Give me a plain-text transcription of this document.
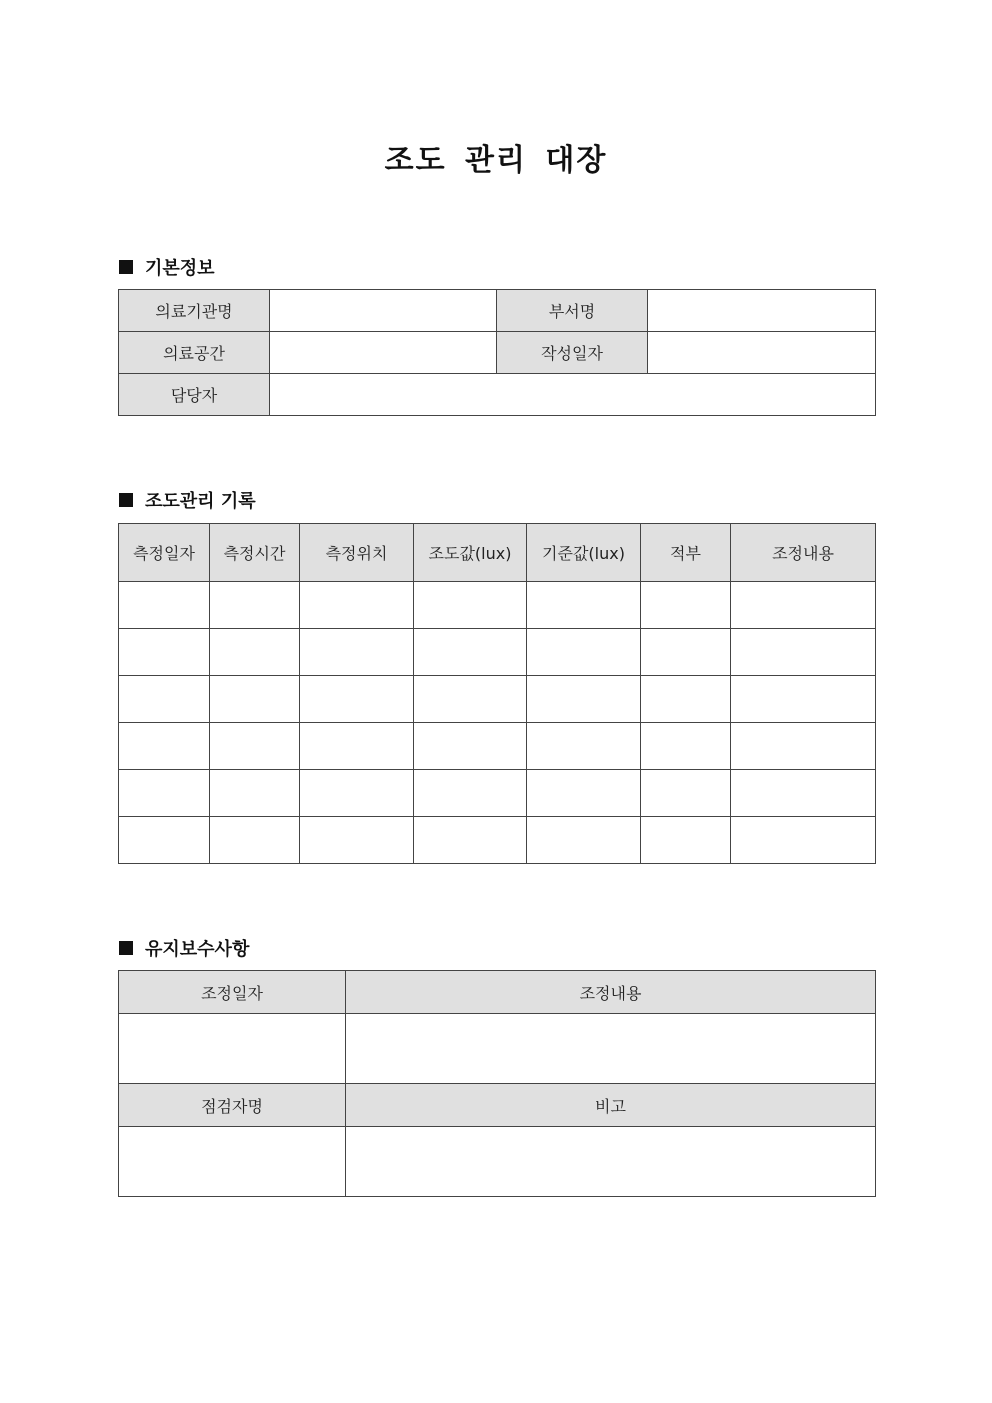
조도 관리 대장
기본정보
의료기관명		부서명	
의료공간		작성일자	
담당자			
조도관리 기록
측정일자	측정시간	측정위치	조도값(lux)	기준값(lux)	적부	조정내용

유지보수사항
조정일자	조정내용

점검자명	비고
